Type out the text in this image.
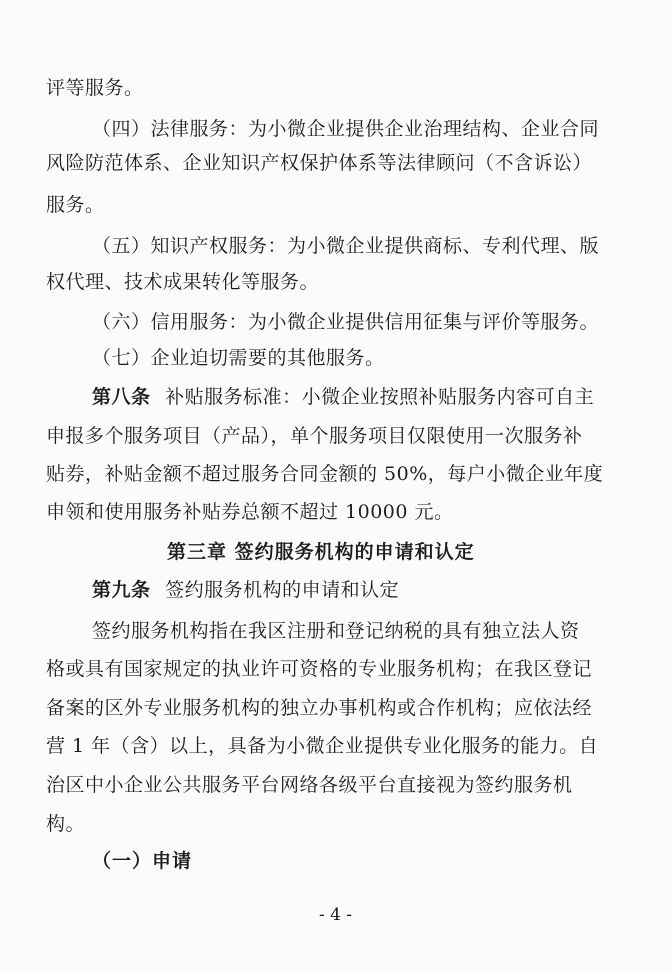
评等服务。
（四）法律服务：为小微企业提供企业治理结构、企业合同
风险防范体系、企业知识产权保护体系等法律顾问（不含诉讼）
服务。
（五）知识产权服务：为小微企业提供商标、专利代理、版
权代理、技术成果转化等服务。
（六）信用服务：为小微企业提供信用征集与评价等服务。
（七）企业迫切需要的其他服务。
第八条 补贴服务标准：小微企业按照补贴服务内容可自主
申报多个服务项目（产品），单个服务项目仅限使用一次服务补
贴券，补贴金额不超过服务合同金额的 50%，每户小微企业年度
申领和使用服务补贴券总额不超过 10000 元。
第三章 签约服务机构的申请和认定
第九条 签约服务机构的申请和认定
签约服务机构指在我区注册和登记纳税的具有独立法人资
格或具有国家规定的执业许可资格的专业服务机构；在我区登记
备案的区外专业服务机构的独立办事机构或合作机构；应依法经
营 1 年（含）以上，具备为小微企业提供专业化服务的能力。自
治区中小企业公共服务平台网络各级平台直接视为签约服务机
构。
（一）申请
- 4 -
